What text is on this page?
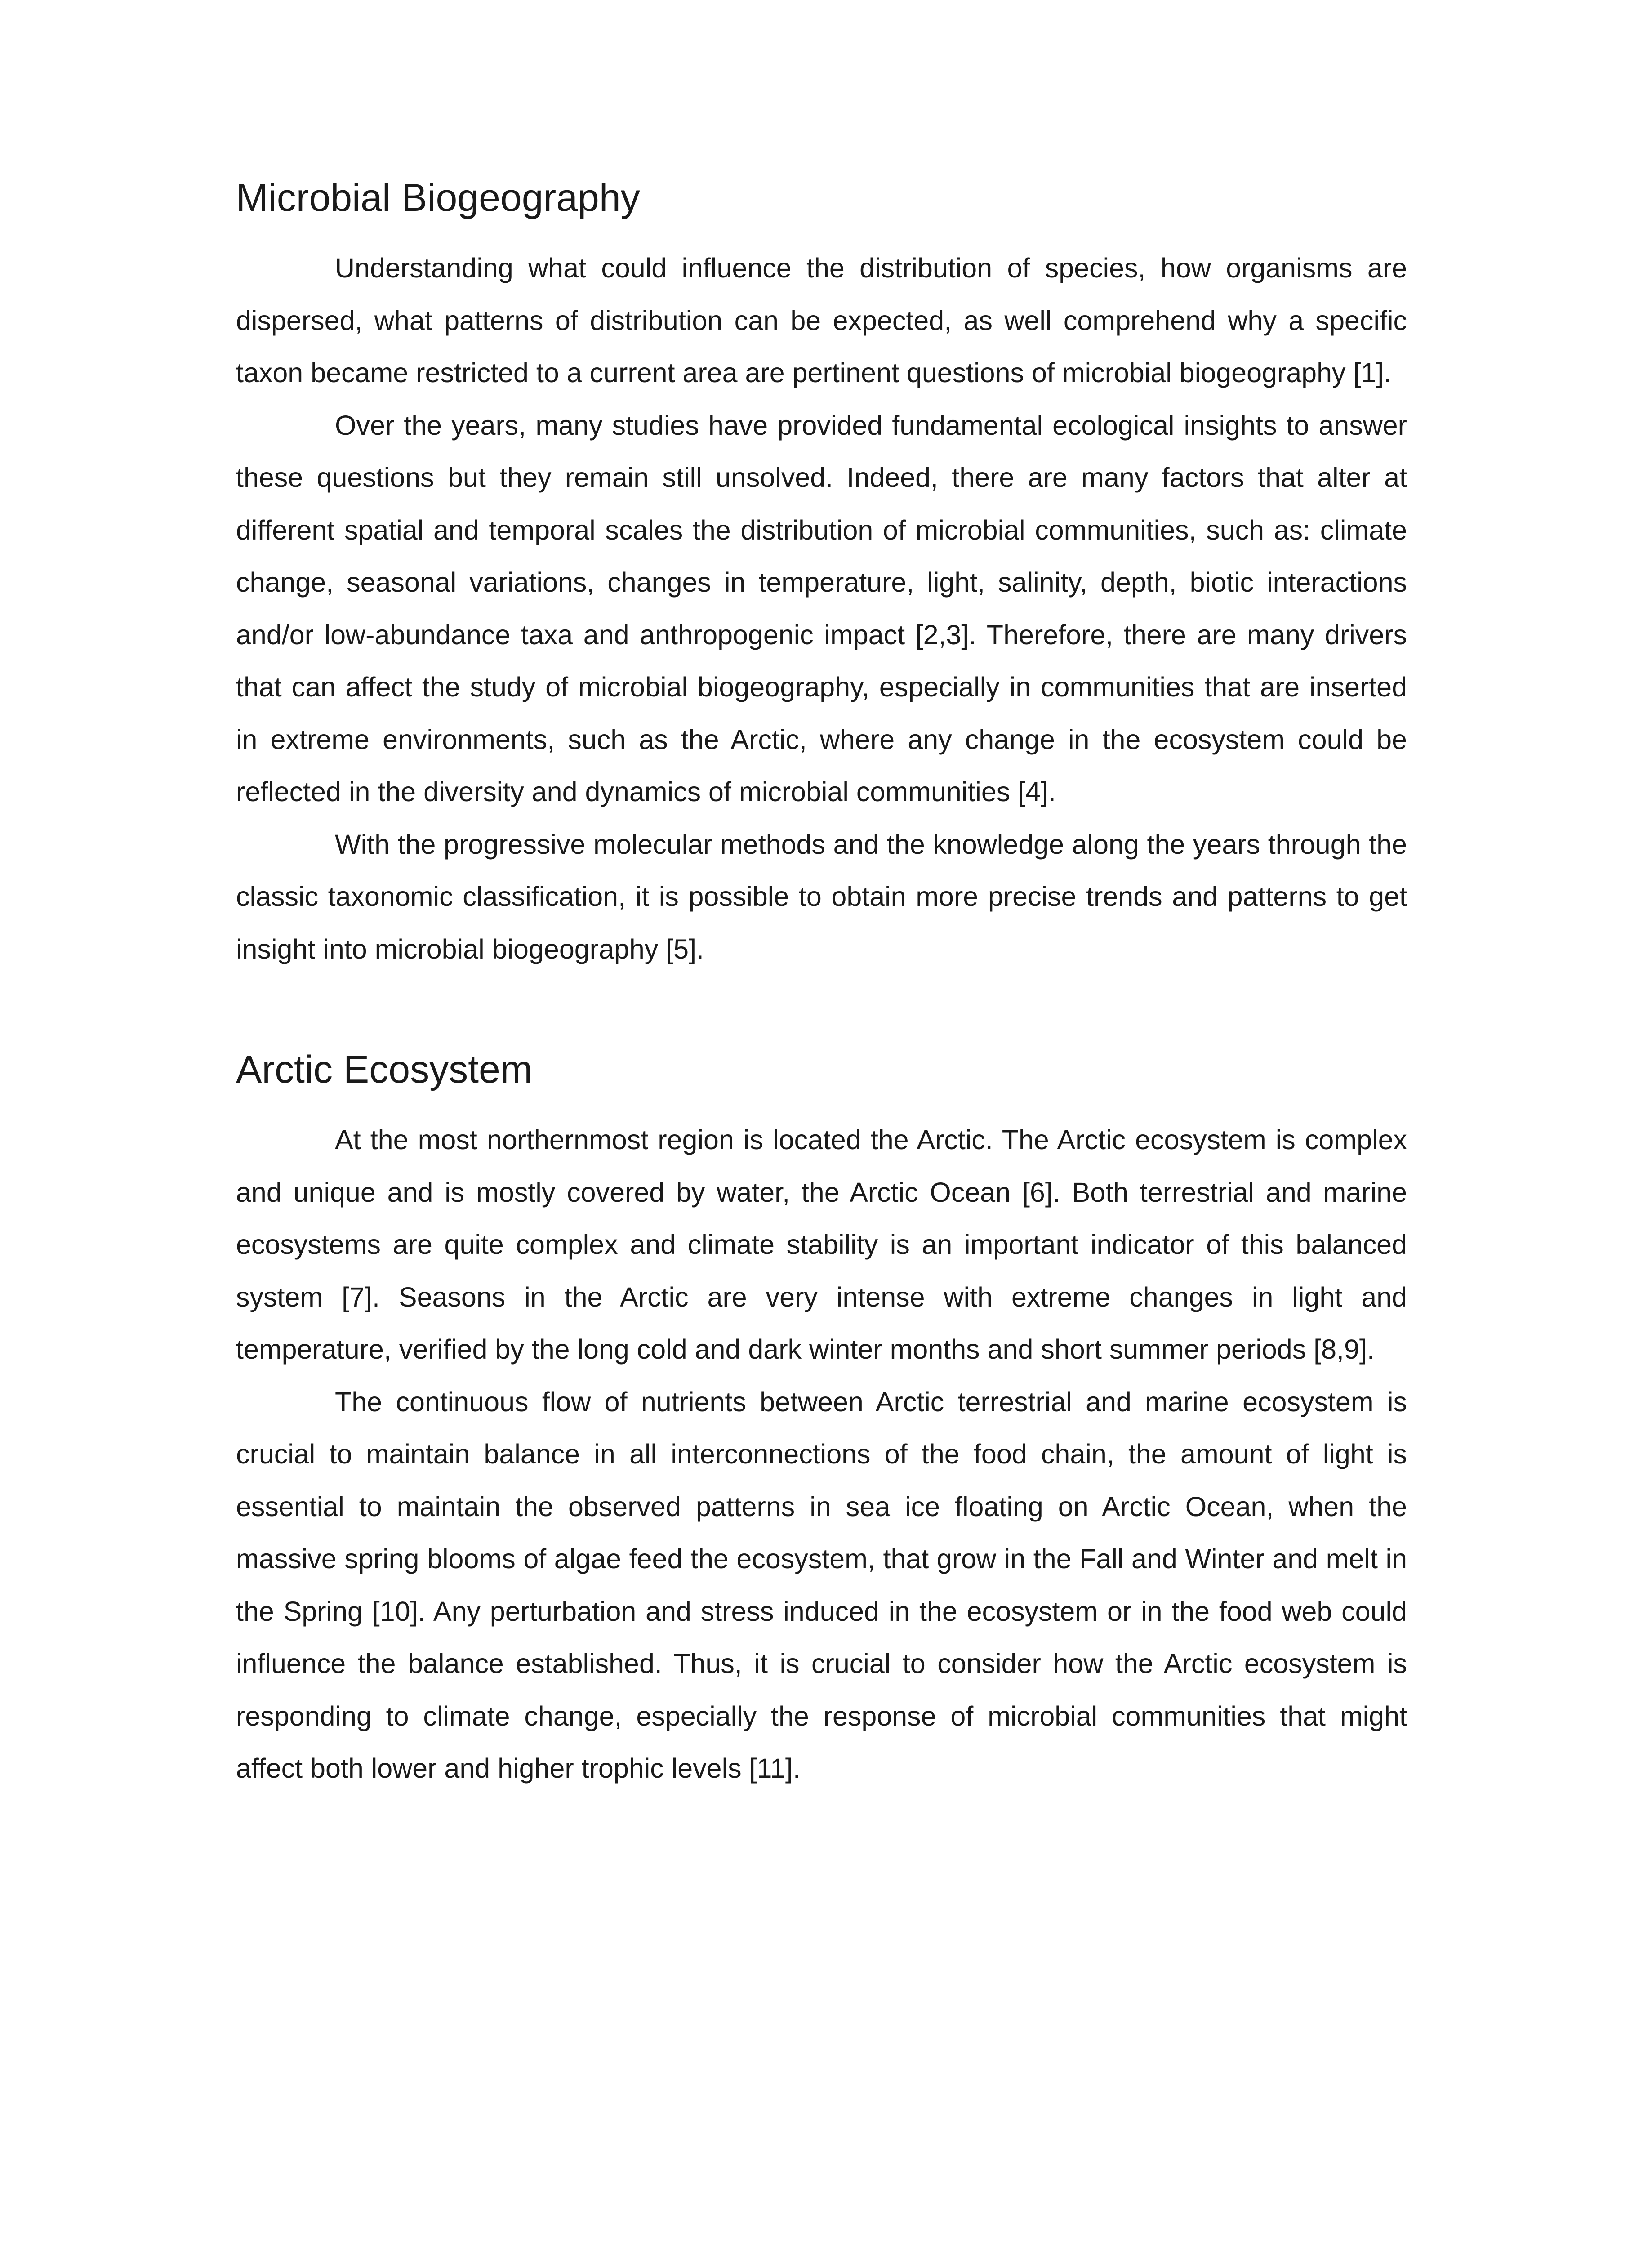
Microbial Biogeography

Understanding what could influence the distribution of species, how organisms are dispersed, what patterns of distribution can be expected, as well comprehend why a specific taxon became restricted to a current area are pertinent questions of microbial biogeography [1].

Over the years, many studies have provided fundamental ecological insights to answer these questions but they remain still unsolved. Indeed, there are many factors that alter at different spatial and temporal scales the distribution of microbial communities, such as: climate change, seasonal variations, changes in temperature, light, salinity, depth, biotic interactions and/or low-abundance taxa and anthropogenic impact [2,3]. Therefore, there are many drivers that can affect the study of microbial biogeography, especially in communities that are inserted in extreme environments, such as the Arctic, where any change in the ecosystem could be reflected in the diversity and dynamics of microbial communities [4].

With the progressive molecular methods and the knowledge along the years through the classic taxonomic classification, it is possible to obtain more precise trends and patterns to get insight into microbial biogeography [5].

Arctic Ecosystem

At the most northernmost region is located the Arctic. The Arctic ecosystem is complex and unique and is mostly covered by water, the Arctic Ocean [6]. Both terrestrial and marine ecosystems are quite complex and climate stability is an important indicator of this balanced system [7]. Seasons in the Arctic are very intense with extreme changes in light and temperature, verified by the long cold and dark winter months and short summer periods [8,9].

The continuous flow of nutrients between Arctic terrestrial and marine ecosystem is crucial to maintain balance in all interconnections of the food chain, the amount of light is essential to maintain the observed patterns in sea ice floating on Arctic Ocean, when the massive spring blooms of algae feed the ecosystem, that grow in the Fall and Winter and melt in the Spring [10]. Any perturbation and stress induced in the ecosystem or in the food web could influence the balance established. Thus, it is crucial to consider how the Arctic ecosystem is responding to climate change, especially the response of microbial communities that might affect both lower and higher trophic levels [11].
